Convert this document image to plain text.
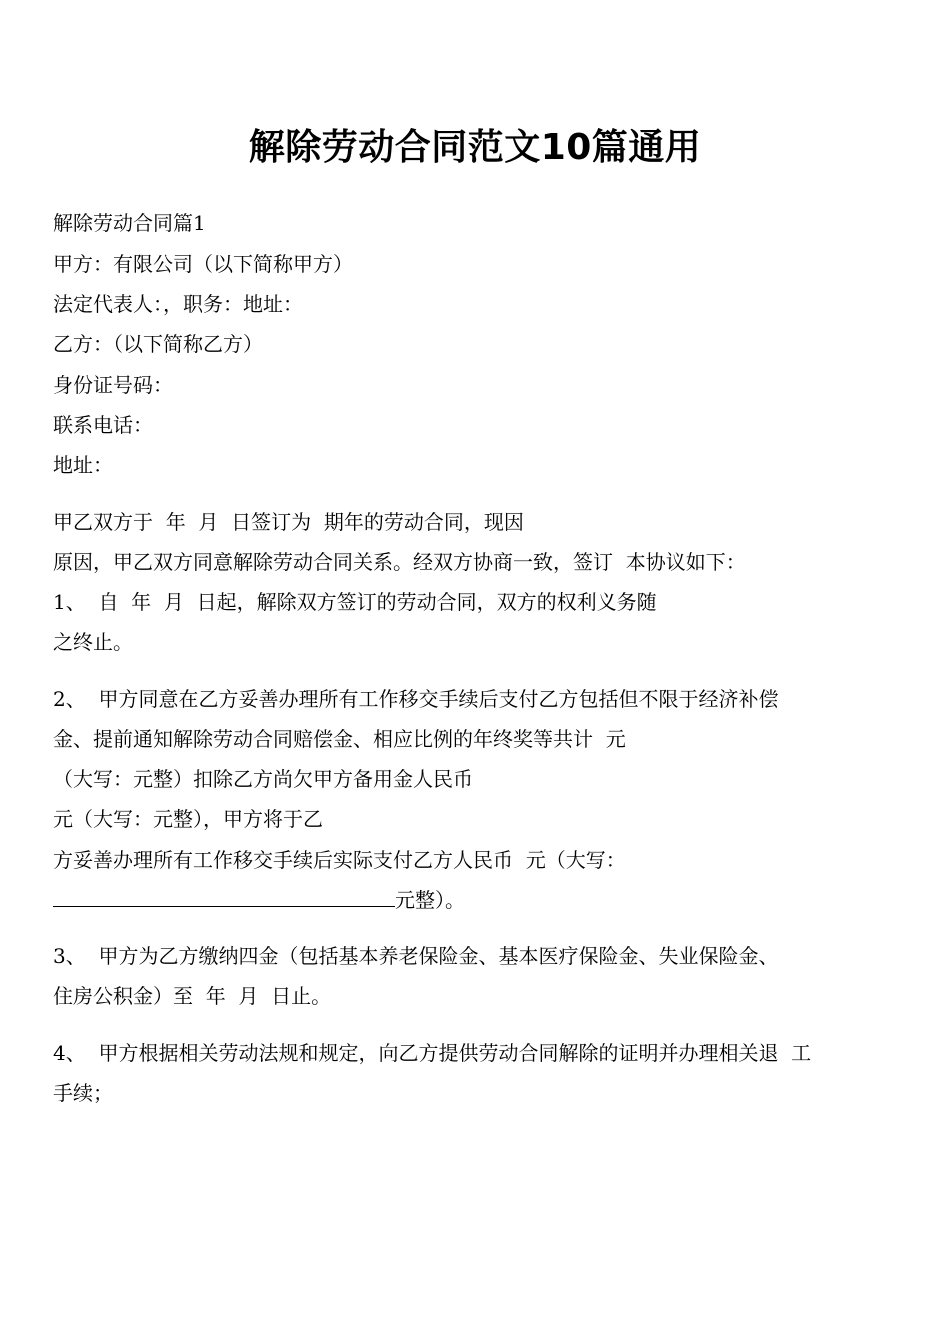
解除劳动合同范文10篇通用

解除劳动合同篇1

甲方：有限公司（以下简称甲方）

法定代表人：，职务：地址：

乙方：（以下简称乙方）

身份证号码：

联系电话：

地址：

甲乙双方于  年  月  日签订为  期年的劳动合同，现因

原因，甲乙双方同意解除劳动合同关系。经双方协商一致，签订  本协议如下：

1、  自  年  月  日起，解除双方签订的劳动合同，双方的权利义务随

之终止。

2、  甲方同意在乙方妥善办理所有工作移交手续后支付乙方包括但不限于经济补偿

金、提前通知解除劳动合同赔偿金、相应比例的年终奖等共计  元

（大写：元整）扣除乙方尚欠甲方备用金人民币

元（大写：元整），甲方将于乙

方妥善办理所有工作移交手续后实际支付乙方人民币  元（大写：

元整）。

3、  甲方为乙方缴纳四金（包括基本养老保险金、基本医疗保险金、失业保险金、

住房公积金）至  年  月  日止。

4、  甲方根据相关劳动法规和规定，向乙方提供劳动合同解除的证明并办理相关退  工

手续；
